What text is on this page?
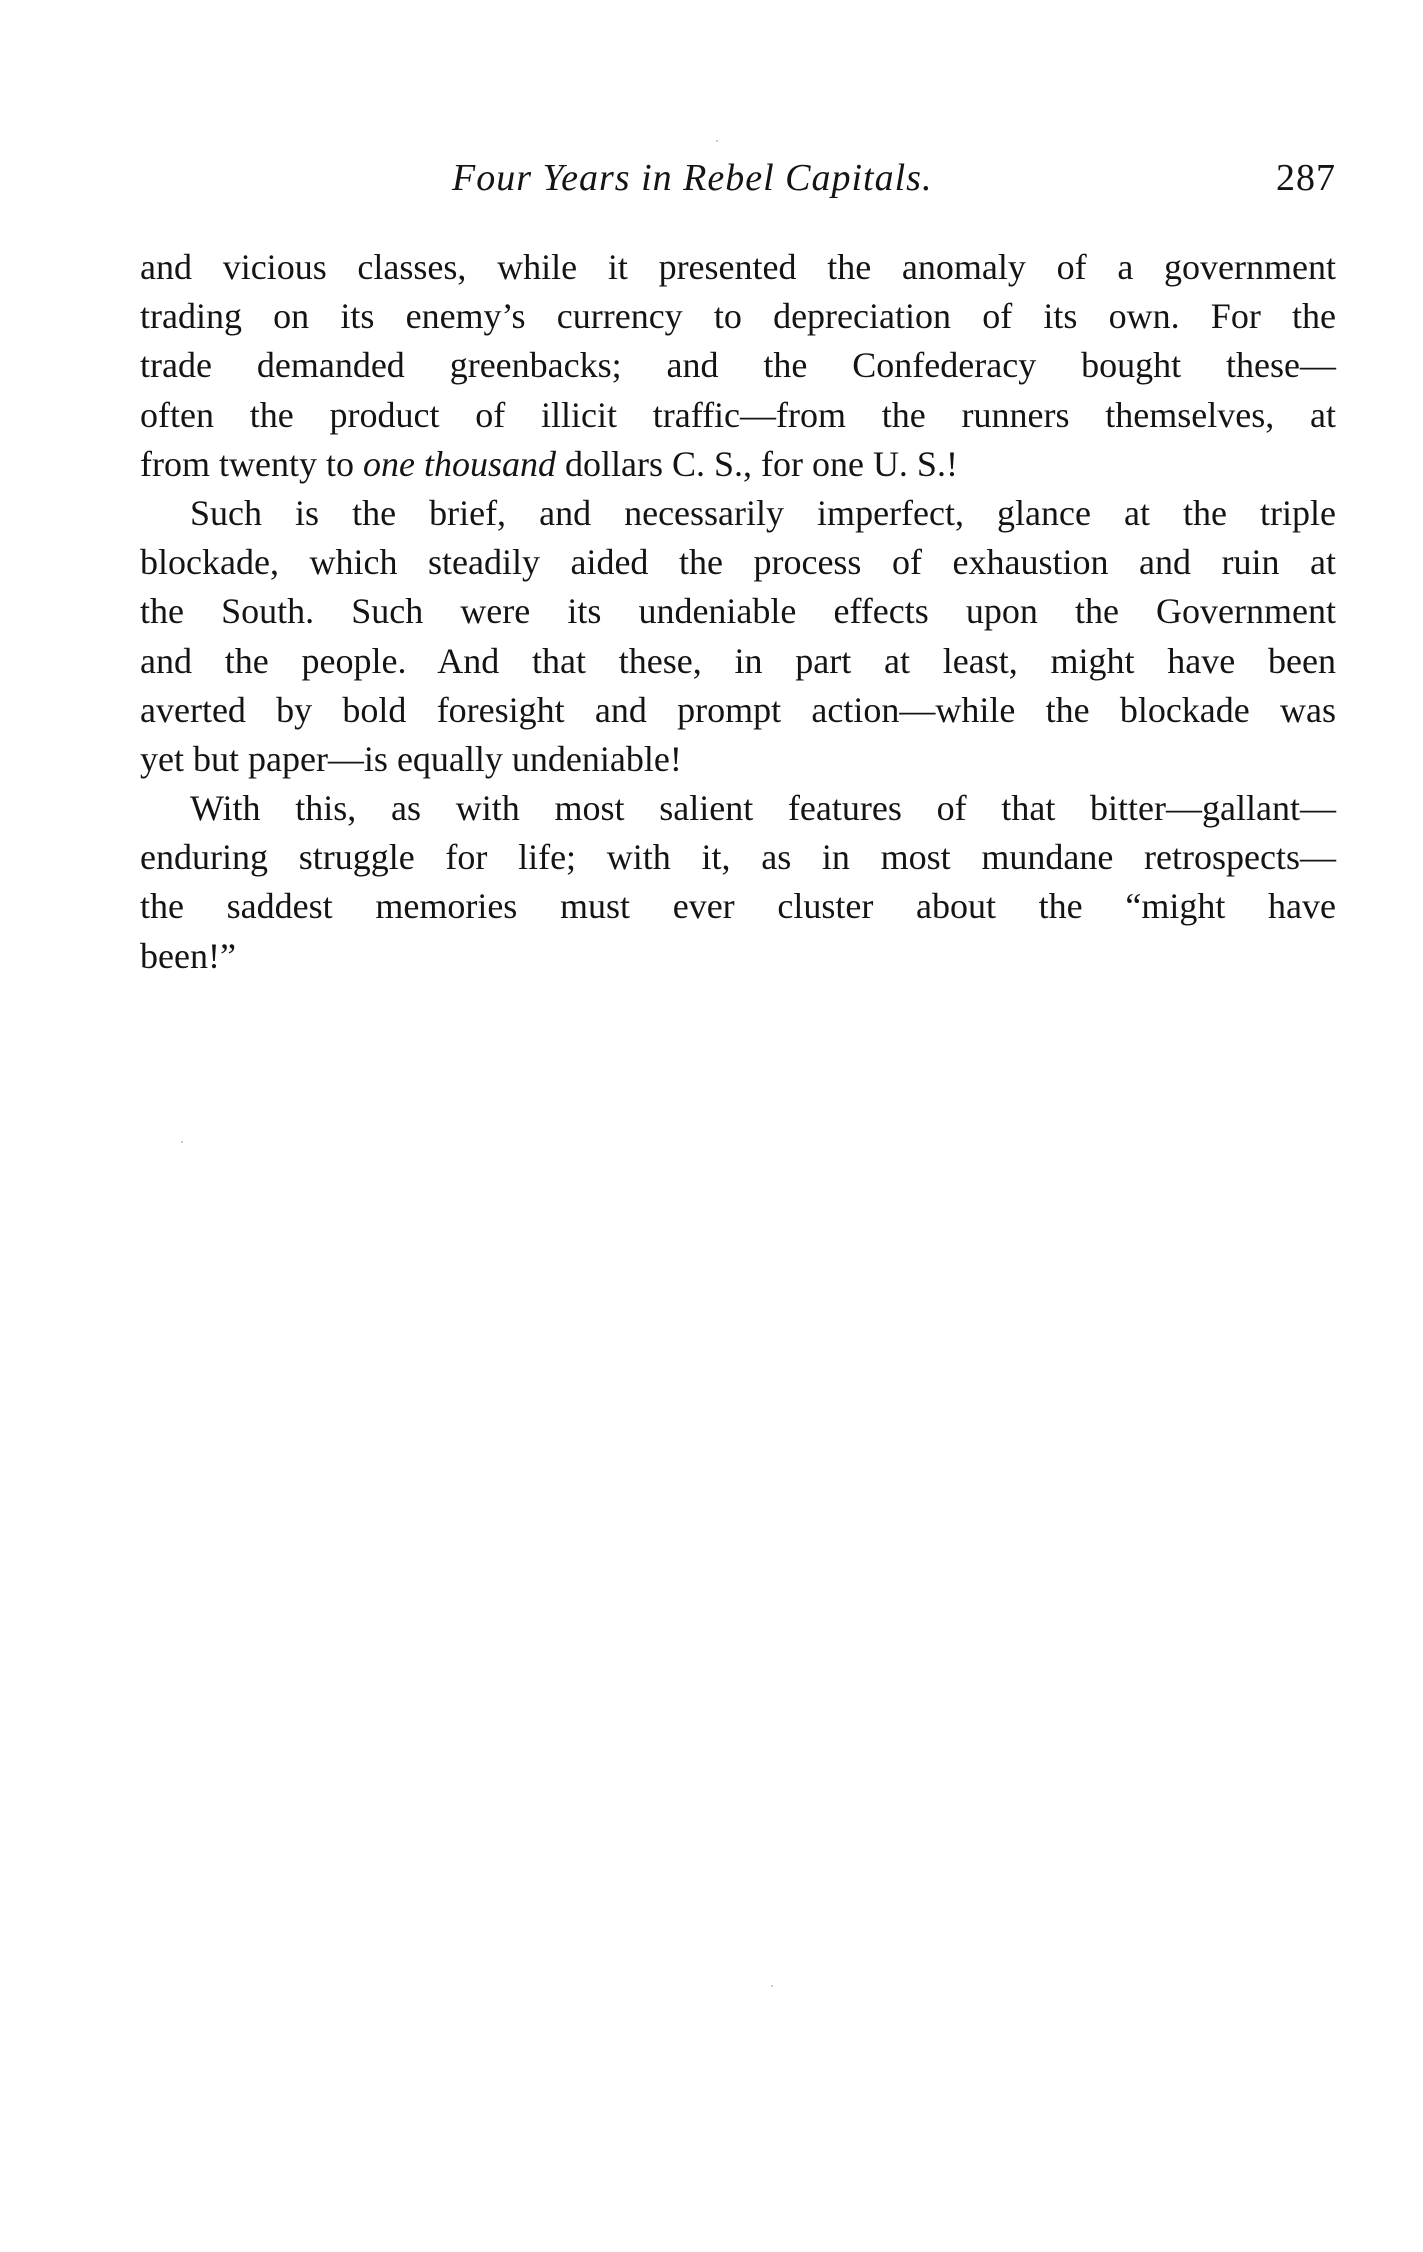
Four Years in Rebel Capitals.	287

and vicious classes, while it presented the anomaly of a government
trading on its enemy’s currency to depreciation of its own. For the
trade demanded greenbacks; and the Confederacy bought these—
often the product of illicit traffic—from the runners themselves, at
from twenty to one thousand dollars C. S., for one U. S.!

Such is the brief, and necessarily imperfect, glance at the triple
blockade, which steadily aided the process of exhaustion and ruin at
the South. Such were its undeniable effects upon the Government
and the people. And that these, in part at least, might have been
averted by bold foresight and prompt action—while the blockade was
yet but paper—is equally undeniable!

With this, as with most salient features of that bitter—gallant—
enduring struggle for life; with it, as in most mundane retrospects—
the saddest memories must ever cluster about the “might have
been!”
